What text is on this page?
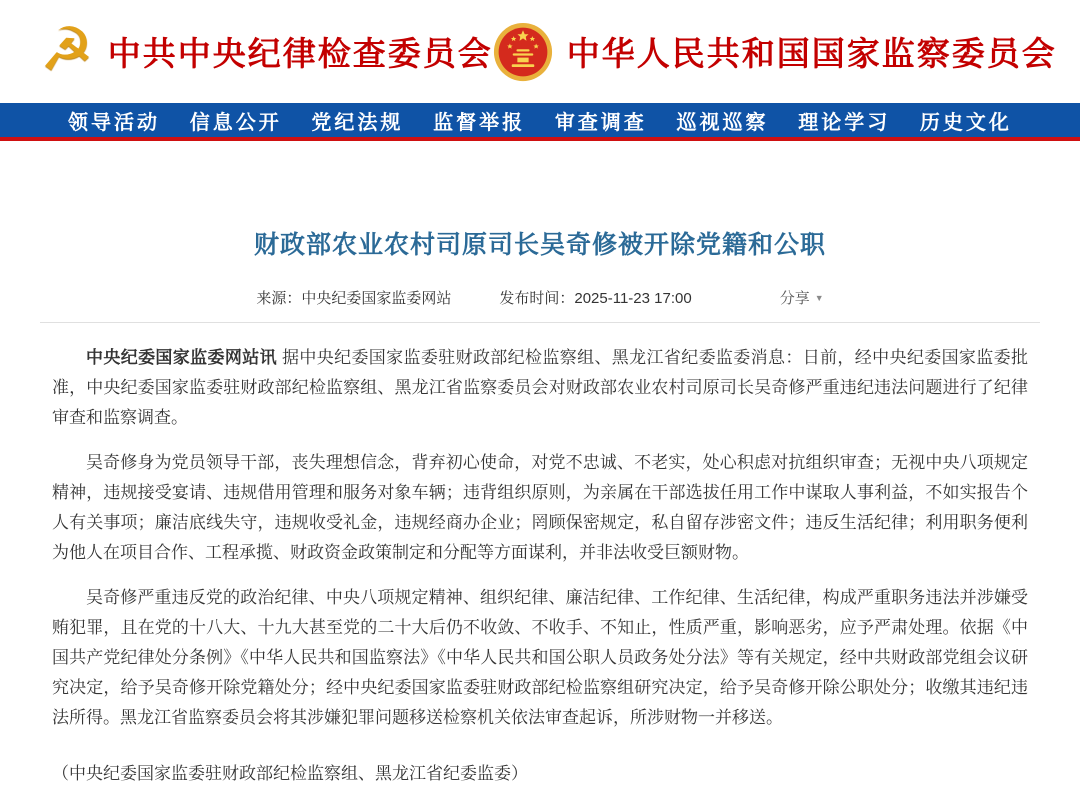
☭ 中共中央纪律检查委员会 中华人民共和国国家监察委员会
领导活动 信息公开 党纪法规 监督举报 审查调查 巡视巡察 理论学习 历史文化
财政部农业农村司原司长吴奇修被开除党籍和公职
来源：中央纪委国家监委网站	发布时间：2025-11-23 17:00	分享 ▼

中央纪委国家监委网站讯 据中央纪委国家监委驻财政部纪检监察组、黑龙江省纪委监委消息：日前，经中央纪委国家监委批准，中央纪委国家监委驻财政部纪检监察组、黑龙江省监察委员会对财政部农业农村司原司长吴奇修严重违纪违法问题进行了纪律审查和监察调查。

吴奇修身为党员领导干部，丧失理想信念，背弃初心使命，对党不忠诚、不老实，处心积虑对抗组织审查；无视中央八项规定精神，违规接受宴请、违规借用管理和服务对象车辆；违背组织原则，为亲属在干部选拔任用工作中谋取人事利益，不如实报告个人有关事项；廉洁底线失守，违规收受礼金，违规经商办企业；罔顾保密规定，私自留存涉密文件；违反生活纪律；利用职务便利为他人在项目合作、工程承揽、财政资金政策制定和分配等方面谋利，并非法收受巨额财物。

吴奇修严重违反党的政治纪律、中央八项规定精神、组织纪律、廉洁纪律、工作纪律、生活纪律，构成严重职务违法并涉嫌受贿犯罪，且在党的十八大、十九大甚至党的二十大后仍不收敛、不收手、不知止，性质严重，影响恶劣，应予严肃处理。依据《中国共产党纪律处分条例》《中华人民共和国监察法》《中华人民共和国公职人员政务处分法》等有关规定，经中共财政部党组会议研究决定，给予吴奇修开除党籍处分；经中央纪委国家监委驻财政部纪检监察组研究决定，给予吴奇修开除公职处分；收缴其违纪违法所得。黑龙江省监察委员会将其涉嫌犯罪问题移送检察机关依法审查起诉，所涉财物一并移送。

（中央纪委国家监委驻财政部纪检监察组、黑龙江省纪委监委）
